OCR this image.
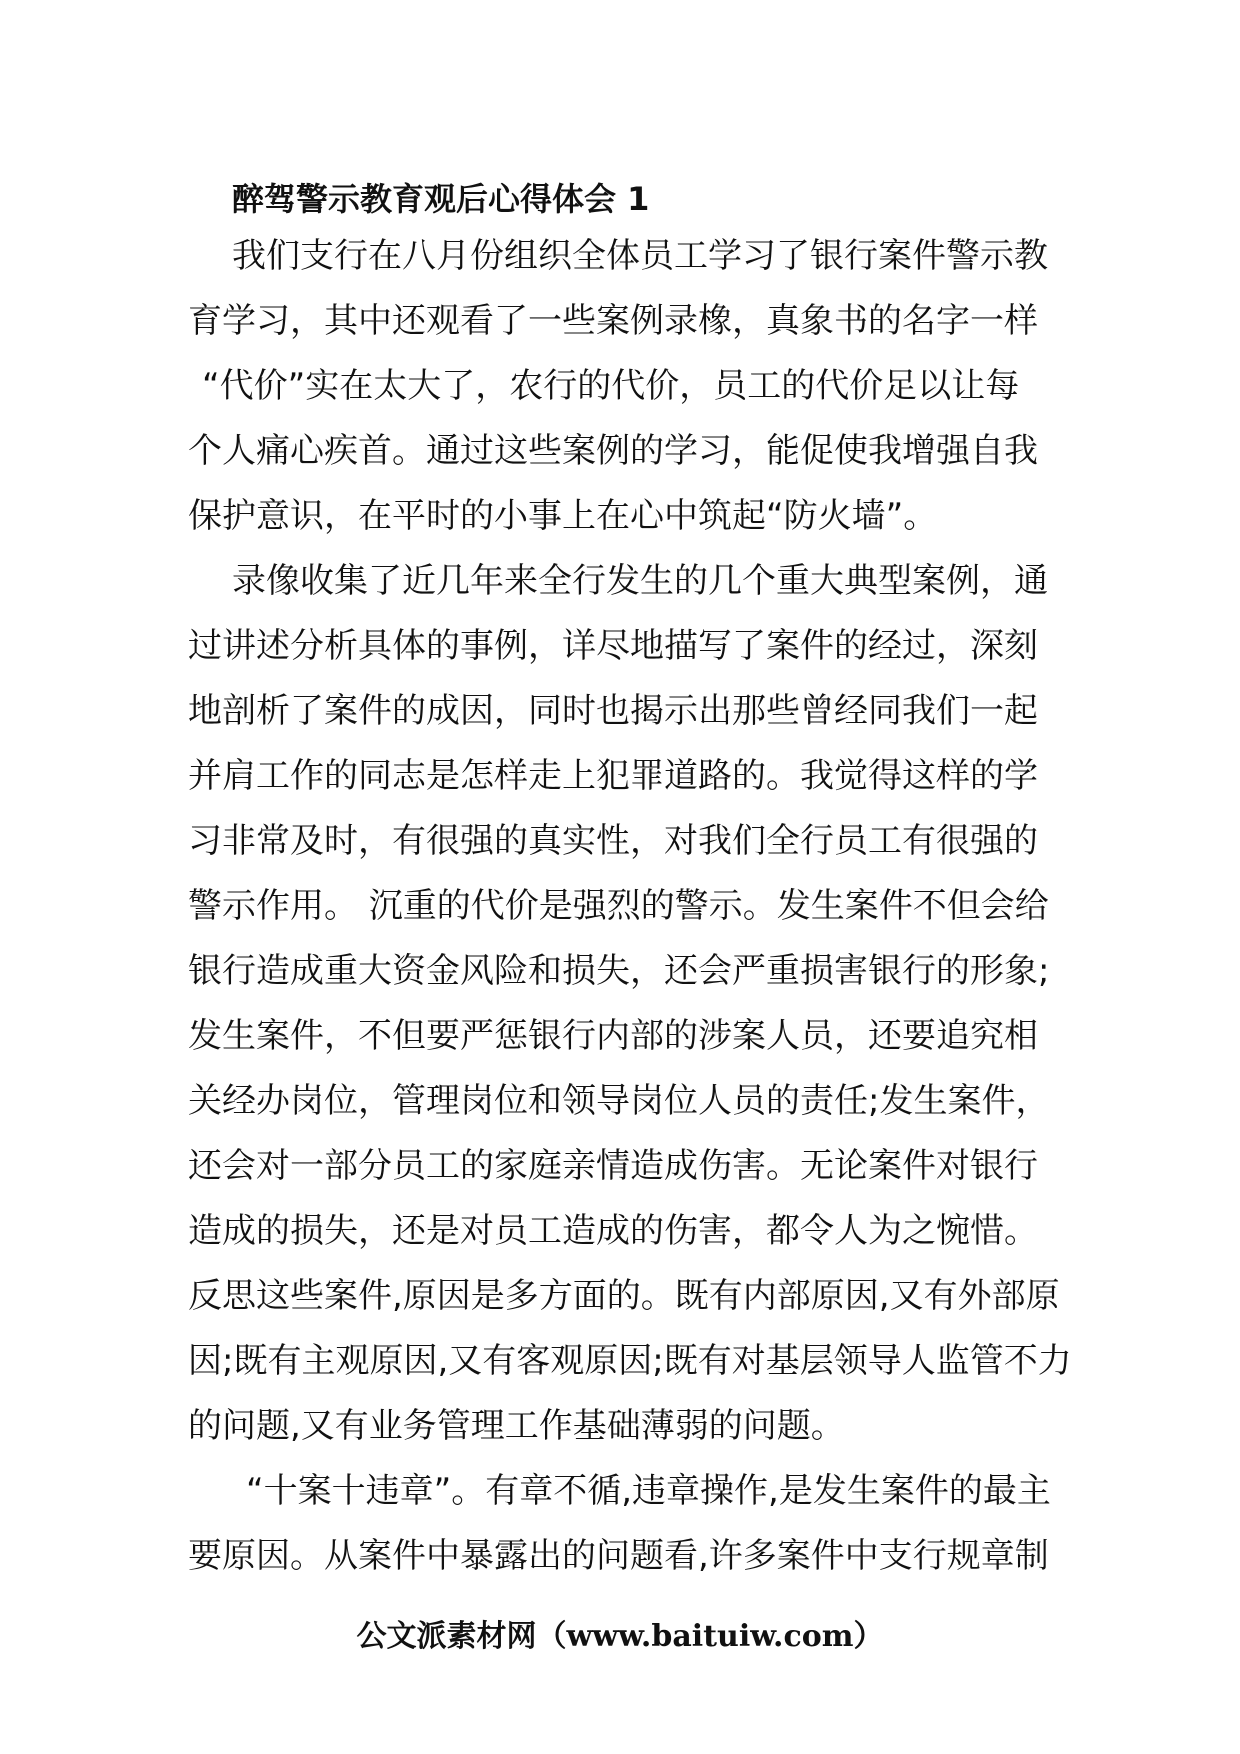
醉驾警示教育观后心得体会 1

我们支行在八月份组织全体员工学习了银行案件警示教
育学习，其中还观看了一些案例录橡，真象书的名字一样
“代价”实在太大了，农行的代价，员工的代价足以让每
个人痛心疾首。通过这些案例的学习，能促使我增强自我
保护意识，在平时的小事上在心中筑起“防火墙”。

录像收集了近几年来全行发生的几个重大典型案例，通
过讲述分析具体的事例，详尽地描写了案件的经过，深刻
地剖析了案件的成因，同时也揭示出那些曾经同我们一起
并肩工作的同志是怎样走上犯罪道路的。我觉得这样的学
习非常及时，有很强的真实性，对我们全行员工有很强的
警示作用。 沉重的代价是强烈的警示。发生案件不但会给
银行造成重大资金风险和损失，还会严重损害银行的形象;
发生案件，不但要严惩银行内部的涉案人员，还要追究相
关经办岗位，管理岗位和领导岗位人员的责任;发生案件，
还会对一部分员工的家庭亲情造成伤害。无论案件对银行
造成的损失，还是对员工造成的伤害，都令人为之惋惜。
反思这些案件,原因是多方面的。既有内部原因,又有外部原
因;既有主观原因,又有客观原因;既有对基层领导人监管不力
的问题,又有业务管理工作基础薄弱的问题。

“十案十违章”。有章不循,违章操作,是发生案件的最主
要原因。从案件中暴露出的问题看,许多案件中支行规章制

公文派素材网（www.baituiw.com）
